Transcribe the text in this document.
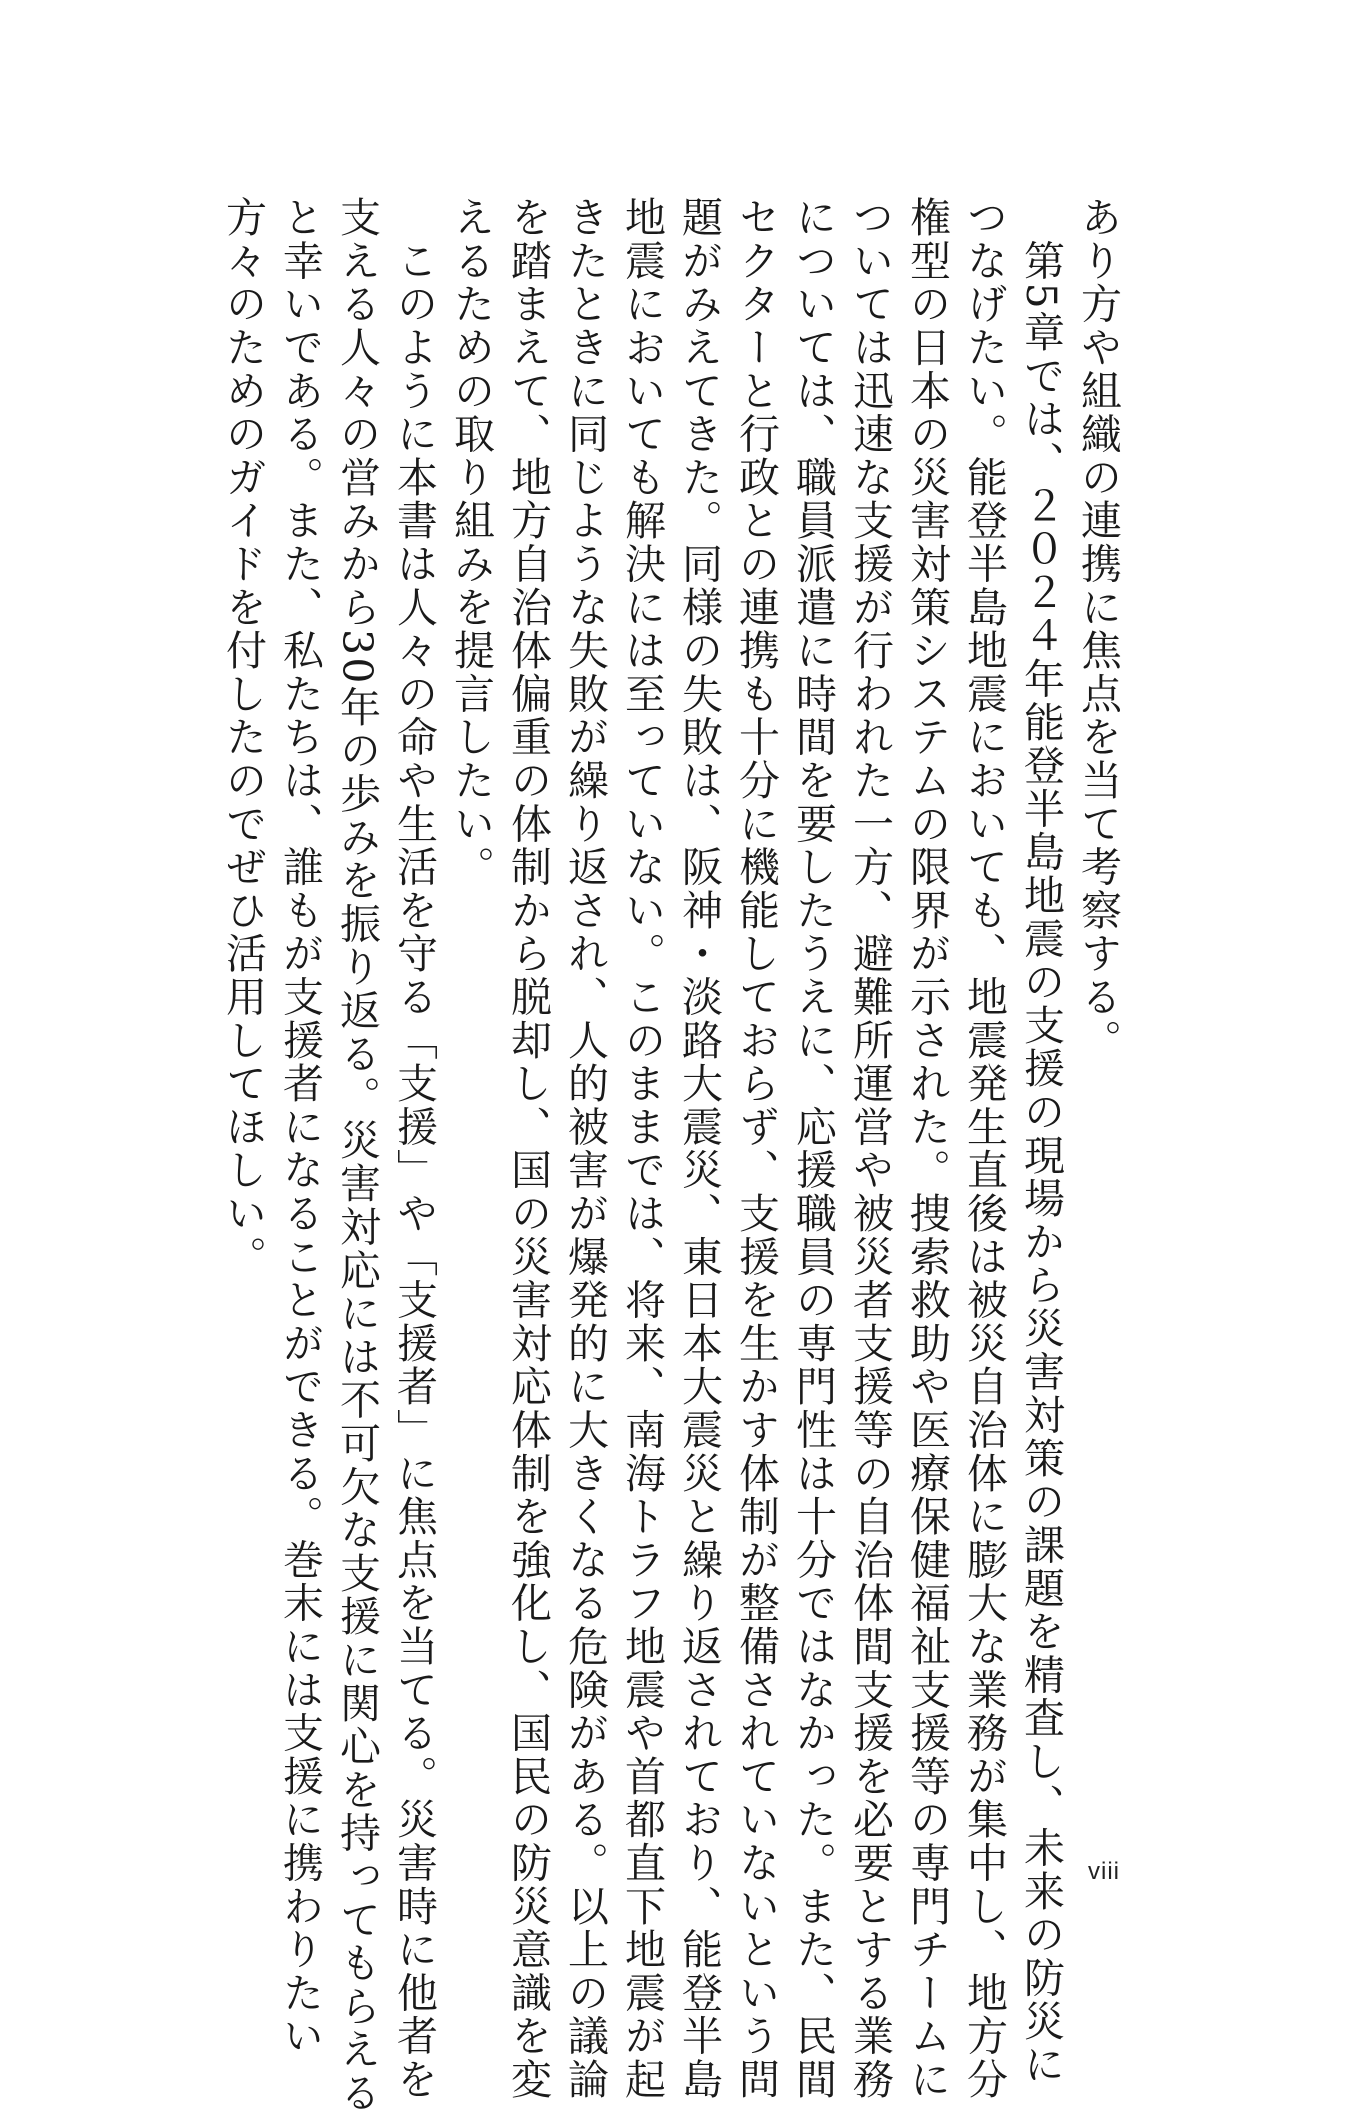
あり方や組織の連携に焦点を当て考察する。
　第5章では、２０２４年能登半島地震の支援の現場から災害対策の課題を精査し、未来の防災に
つなげたい。能登半島地震においても、地震発生直後は被災自治体に膨大な業務が集中し、地方分
権型の日本の災害対策システムの限界が示された。捜索救助や医療保健福祉支援等の専門チームに
ついては迅速な支援が行われた一方、避難所運営や被災者支援等の自治体間支援を必要とする業務
については、職員派遣に時間を要したうえに、応援職員の専門性は十分ではなかった。また、民間
セクターと行政との連携も十分に機能しておらず、支援を生かす体制が整備されていないという問
題がみえてきた。同様の失敗は、阪神・淡路大震災、東日本大震災と繰り返されており、能登半島
地震においても解決には至っていない。このままでは、将来、南海トラフ地震や首都直下地震が起
きたときに同じような失敗が繰り返され、人的被害が爆発的に大きくなる危険がある。以上の議論
を踏まえて、地方自治体偏重の体制から脱却し、国の災害対応体制を強化し、国民の防災意識を変
えるための取り組みを提言したい。
　このように本書は人々の命や生活を守る「支援」や「支援者」に焦点を当てる。災害時に他者を
支える人々の営みから30年の歩みを振り返る。災害対応には不可欠な支援に関心を持ってもらえる
と幸いである。また、私たちは、誰もが支援者になることができる。巻末には支援に携わりたい
方々のためのガイドを付したのでぜひ活用してほしい。
viii
